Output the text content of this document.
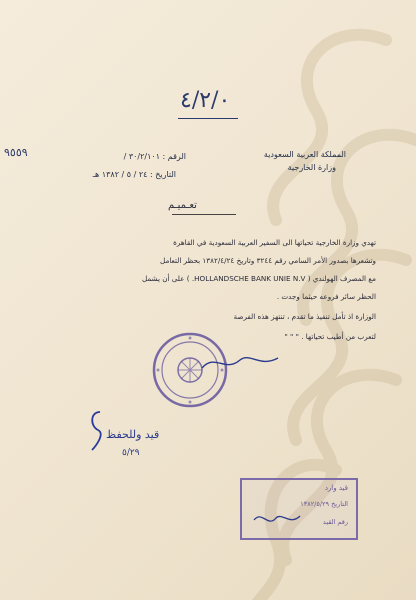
المملكة العربية السعودية
وزارة الخارجية
الرقم : ٣٠/٢/١٠١ /
التاريخ : ٢٤ / ٥ / ١٣٨٢ هـ
٩٥٥٩
٤/٢/٠
تعـميـم
تهدي وزارة الخارجية تحياتها الى السفير العربية السعودية في القاهرة
وتشعرها بصدور الأمر السامي رقم ٣٢٤٤ وتاريخ ١٣٨٢/٤/٢٤ بحظر التعامل
مع المصرف الهولندي ( HOLLANDSCHE BANK UNIE N.V. ) على أن يشمل
الحظر سائر فروعه حيثما وجدت .
الوزارة اذ تأمل تنفيذ ما تقدم ، تنتهز هذه الفرصة
لتعرب من أطيب تحياتها . " " "
قيد وللحفظ
٥/٢٩
قيد وارد
التاريخ ١٣٨٢/٥/٢٩
رقم القيد
